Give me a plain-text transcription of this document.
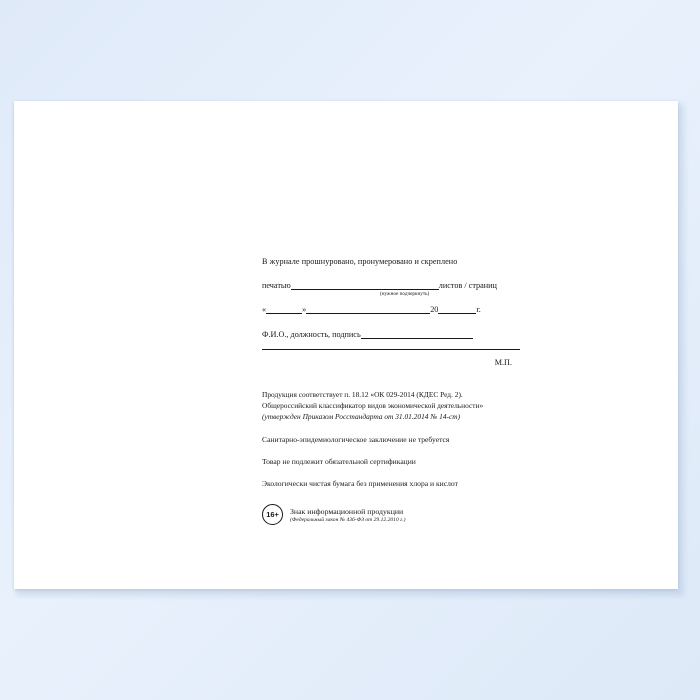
В журнале прошнуровано, пронумеровано и скреплено
печатью	листов / страниц
(нужное подчеркнуть)
«	»	20	г.
Ф.И.О., должность, подпись
М.П.
Продукция соответствует п. 18.12 «ОК 029-2014 (КДЕС Ред. 2).
Общероссийский классификатор видов экономической деятельности»
(утвержден Приказом Росстандарта от 31.01.2014 № 14-ст)
Санитарно-эпидемиологическое заключение не требуется
Товар не подлежит обязательной сертификации
Экологически чистая бумага без применения хлора и кислот
16+	Знак информационной продукции
(Федеральный закон № 436-ФЗ от 29.12.2010 г.)
